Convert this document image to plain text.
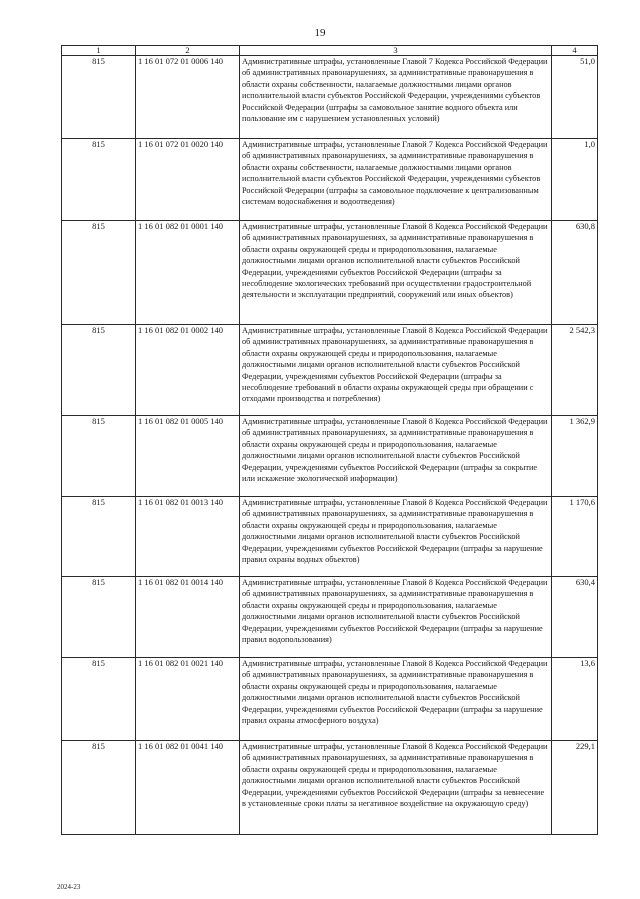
19
1	2	3	4
815	1 16 01 072 01 0006 140	Административные штрафы, установленные Главой 7 Кодекса Российской Федерации об административных правонарушениях, за административные правонарушения в области охраны собственности, налагаемые должностными лицами органов исполнительной власти субъектов Российской Федерации, учреждениями субъектов Российской Федерации (штрафы за самовольное занятие водного объекта или пользование им с нарушением установленных условий)	51,0
815	1 16 01 072 01 0020 140	Административные штрафы, установленные Главой 7 Кодекса Российской Федерации об административных правонарушениях, за административные правонарушения в области охраны собственности, налагаемые должностными лицами органов исполнительной власти субъектов Российской Федерации, учреждениями субъектов Российской Федерации (штрафы за самовольное подключение к централизованным системам водоснабжения и водоотведения)	1,0
815	1 16 01 082 01 0001 140	Административные штрафы, установленные Главой 8 Кодекса Российской Федерации об административных правонарушениях, за административные правонарушения в области охраны окружающей среды и природопользования, налагаемые должностными лицами органов исполнительной власти субъектов Российской Федерации, учреждениями субъектов Российской Федерации (штрафы за несоблюдение экологических требований при осуществлении градостроительной деятельности и эксплуатации предприятий, сооружений или иных объектов)	630,8
815	1 16 01 082 01 0002 140	Административные штрафы, установленные Главой 8 Кодекса Российской Федерации об административных правонарушениях, за административные правонарушения в области охраны окружающей среды и природопользования, налагаемые должностными лицами органов исполнительной власти субъектов Российской Федерации, учреждениями субъектов Российской Федерации (штрафы за несоблюдение требований в области охраны окружающей среды при обращении с отходами производства и потребления)	2 542,3
815	1 16 01 082 01 0005 140	Административные штрафы, установленные Главой 8 Кодекса Российской Федерации об административных правонарушениях, за административные правонарушения в области охраны окружающей среды и природопользования, налагаемые должностными лицами органов исполнительной власти субъектов Российской Федерации, учреждениями субъектов Российской Федерации (штрафы за сокрытие или искажение экологической информации)	1 362,9
815	1 16 01 082 01 0013 140	Административные штрафы, установленные Главой 8 Кодекса Российской Федерации об административных правонарушениях, за административные правонарушения в области охраны окружающей среды и природопользования, налагаемые должностными лицами органов исполнительной власти субъектов Российской Федерации, учреждениями субъектов Российской Федерации (штрафы за нарушение правил охраны водных объектов)	1 170,6
815	1 16 01 082 01 0014 140	Административные штрафы, установленные Главой 8 Кодекса Российской Федерации об административных правонарушениях, за административные правонарушения в области охраны окружающей среды и природопользования, налагаемые должностными лицами органов исполнительной власти субъектов Российской Федерации, учреждениями субъектов Российской Федерации (штрафы за нарушение правил водопользования)	630,4
815	1 16 01 082 01 0021 140	Административные штрафы, установленные Главой 8 Кодекса Российской Федерации об административных правонарушениях, за административные правонарушения в области охраны окружающей среды и природопользования, налагаемые должностными лицами органов исполнительной власти субъектов Российской Федерации, учреждениями субъектов Российской Федерации (штрафы за нарушение правил охраны атмосферного воздуха)	13,6
815	1 16 01 082 01 0041 140	Административные штрафы, установленные Главой 8 Кодекса Российской Федерации об административных правонарушениях, за административные правонарушения в области охраны окружающей среды и природопользования, налагаемые должностными лицами органов исполнительной власти субъектов Российской Федерации, учреждениями субъектов Российской Федерации (штрафы за невнесение в установленные сроки платы за негативное воздействие на окружающую среду)	229,1
2024-23
